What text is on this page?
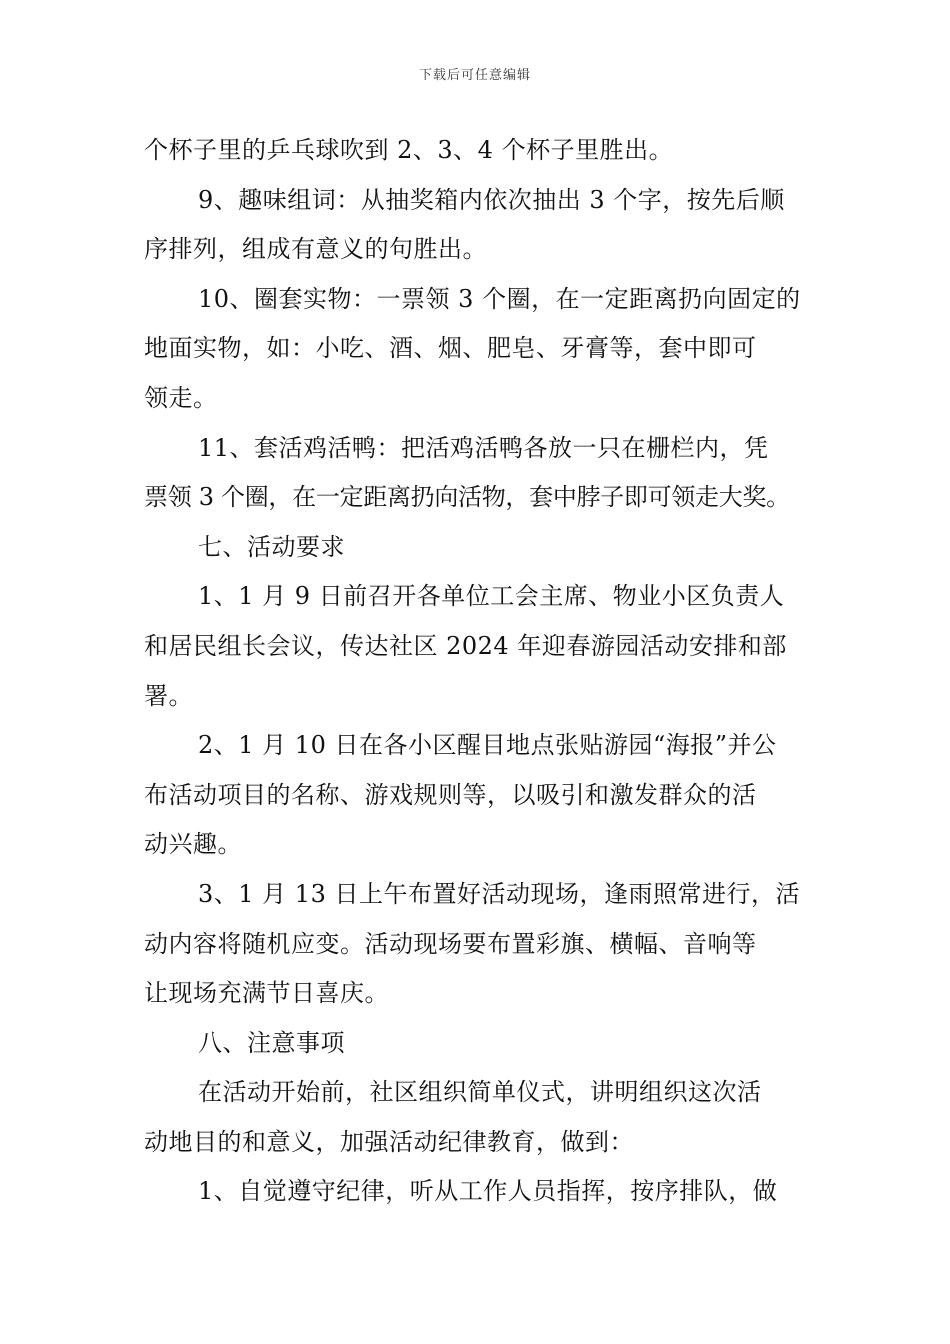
下载后可任意编辑
个杯子里的乒乓球吹到 2、3、4 个杯子里胜出。
9、趣味组词：从抽奖箱内依次抽出 3 个字，按先后顺
序排列，组成有意义的句胜出。
10、圈套实物：一票领 3 个圈，在一定距离扔向固定的
地面实物，如：小吃、酒、烟、肥皂、牙膏等，套中即可
领走。
11、套活鸡活鸭：把活鸡活鸭各放一只在栅栏内，凭
票领 3 个圈，在一定距离扔向活物，套中脖子即可领走大奖。
七、活动要求
1、1 月 9 日前召开各单位工会主席、物业小区负责人
和居民组长会议，传达社区 2024 年迎春游园活动安排和部
署。
2、1 月 10 日在各小区醒目地点张贴游园“海报”并公
布活动项目的名称、游戏规则等，以吸引和激发群众的活
动兴趣。
3、1 月 13 日上午布置好活动现场，逢雨照常进行，活
动内容将随机应变。活动现场要布置彩旗、横幅、音响等
让现场充满节日喜庆。
八、注意事项
在活动开始前，社区组织简单仪式，讲明组织这次活
动地目的和意义，加强活动纪律教育，做到：
1、自觉遵守纪律，听从工作人员指挥，按序排队，做
